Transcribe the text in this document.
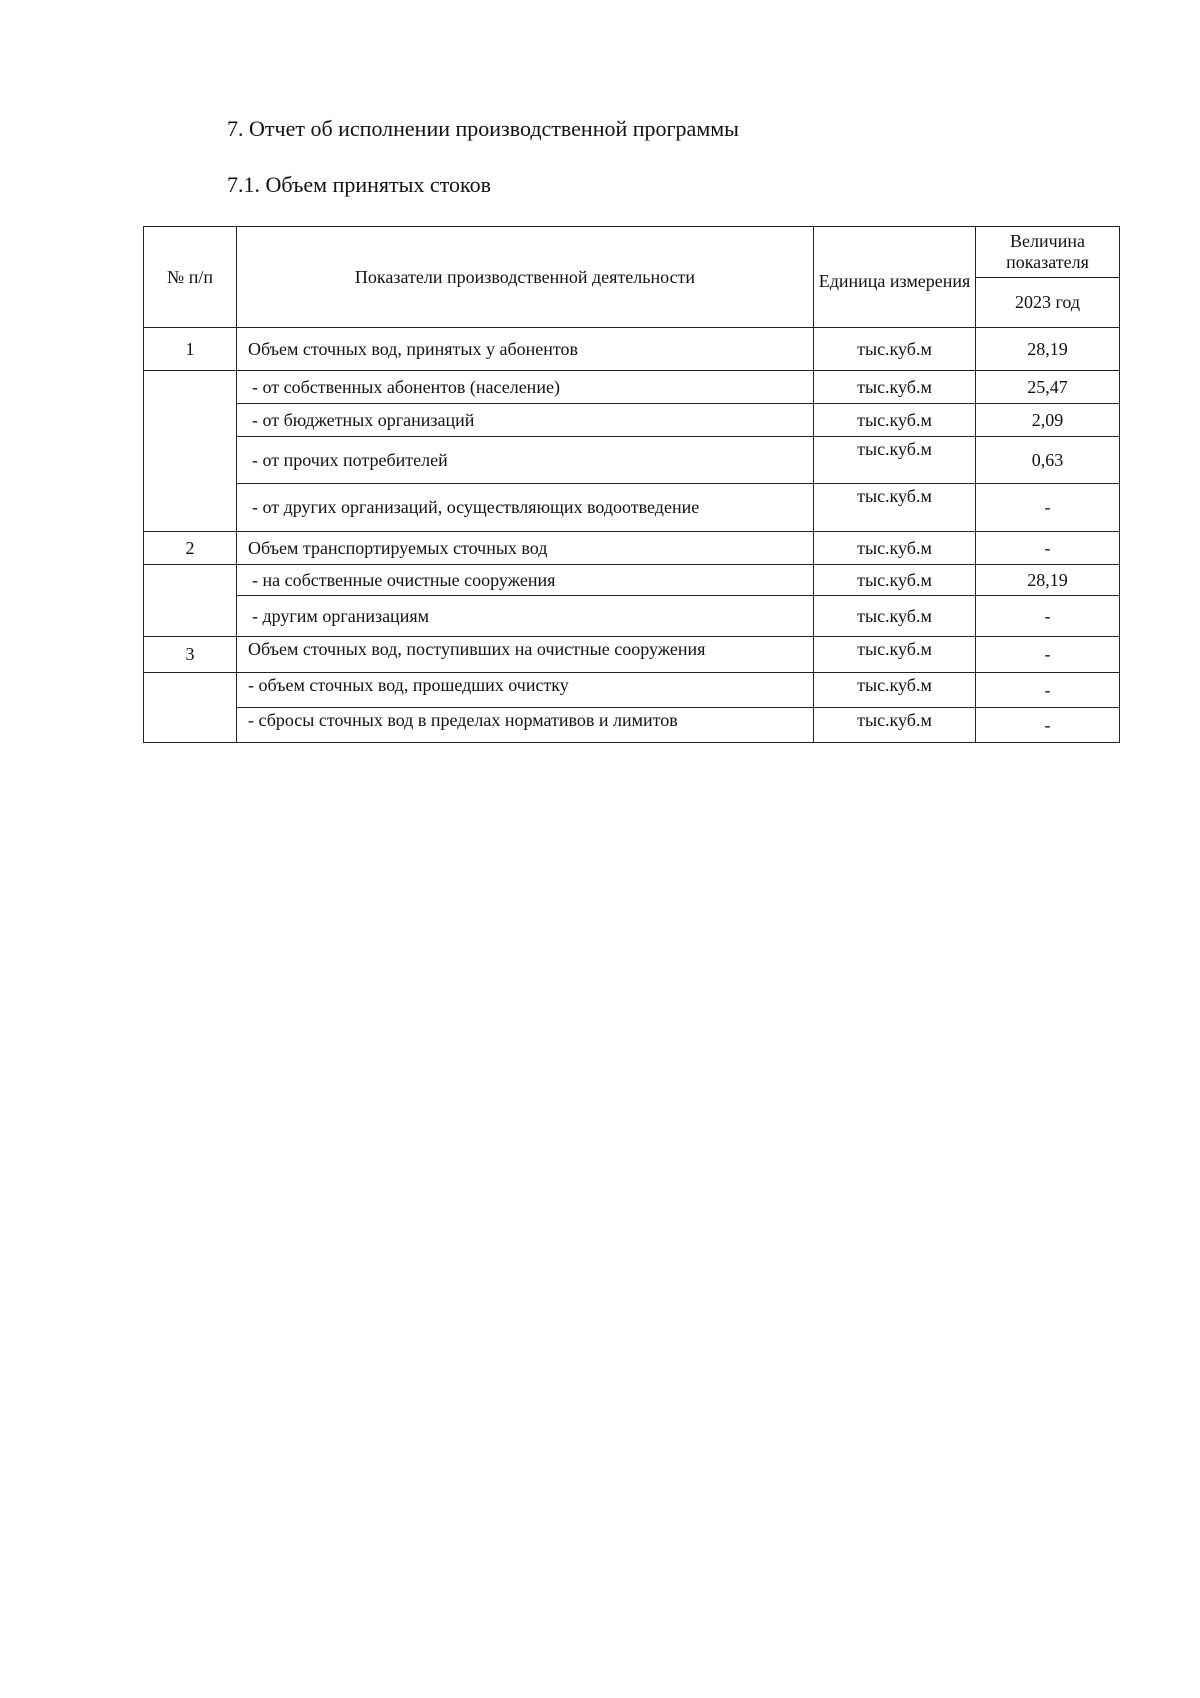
7. Отчет об исполнении производственной программы
7.1. Объем принятых стоков
№ п/п	Показатели производственной деятельности	Единица измерения	Величина показателя
			2023 год
1	Объем сточных вод, принятых у абонентов	тыс.куб.м	28,19
	- от собственных абонентов (население)	тыс.куб.м	25,47
	- от бюджетных организаций	тыс.куб.м	2,09
	- от прочих потребителей	тыс.куб.м	0,63
	- от других организаций, осуществляющих водоотведение	тыс.куб.м	-
2	Объем транспортируемых сточных вод	тыс.куб.м	-
	- на собственные очистные сооружения	тыс.куб.м	28,19
	- другим организациям	тыс.куб.м	-
3	Объем сточных вод, поступивших на очистные сооружения	тыс.куб.м	-
	- объем сточных вод, прошедших очистку	тыс.куб.м	-
	- сбросы сточных вод в пределах нормативов и лимитов	тыс.куб.м	-
